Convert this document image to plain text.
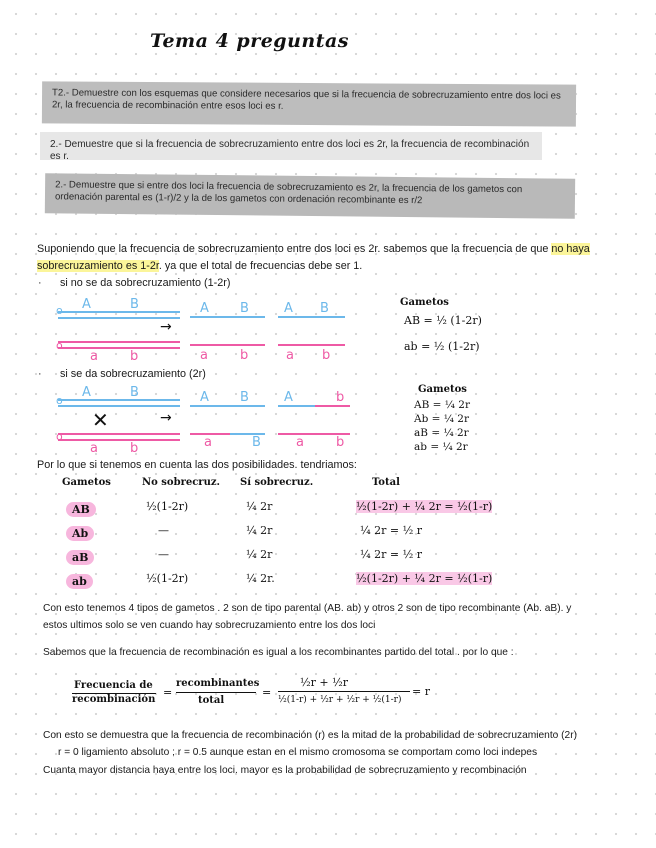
Tema 4 preguntas
T2.- Demuestre con los esquemas que considere necesarios que si la frecuencia de sobrecruzamiento entre dos loci es 2r, la frecuencia de recombinación entre esos loci es r.
2.- Demuestre que si la frecuencia de sobrecruzamiento entre dos loci es 2r, la frecuencia de recombinación es r.
2.- Demuestre que si entre dos loci la frecuencia de sobrecruzamiento es 2r, la frecuencia de los gametos con ordenación parental es (1-r)/2 y la de los gametos con ordenación recombinante es r/2
Suponiendo que la frecuencia de sobrecruzamiento entre dos loci es 2r. sabemos que la frecuencia de que no haya
sobrecruzamiento es 1-2r. ya que el total de frecuencias debe ser 1.
· si no se da sobrecruzamiento (1-2r)
o A	B
o
a b
→
A B	A B
a b	a b
Gametos
AB = ½ (1-2r)
ab = ½ (1-2r)
· si se da sobrecruzamiento (2r)
o
A	B
✕
o
a b
→
A B	A	b
a	B	a b
Gametos
AB = ¼ 2r
Ab = ¼ 2r
aB = ¼ 2r
ab = ¼ 2r
Por lo que si tenemos en cuenta las dos posibilidades. tendriamos:
Gametos	No sobrecruz. Sí sobrecruz.	Total
AB	½(1-2r)	¼ 2r	½(1-2r) + ¼ 2r = ½(1-r)
Ab	—	¼ 2r	¼ 2r = ½ r
aB	—	¼ 2r	¼ 2r = ½ r
ab	½(1-2r)	¼ 2r.	½(1-2r) + ¼ 2r = ½(1-r)
Con esto tenemos 4 tipos de gametos . 2 son de tipo parental (AB. ab) y otros 2 son de tipo recombinante (Ab. aB). y
estos ultimos solo se ven cuando hay sobrecruzamiento entre los dos loci
Sabemos que la frecuencia de recombinación es igual a los recombinantes partido del total . por lo que :
Frecuencia de
recombinación
=
recombinantes
total
=
½r + ½r
½(1-r) + ½r + ½r + ½(1-r)
= r
Con esto se demuestra que la frecuencia de recombinación (r) es la mitad de la probabilidad de sobrecruzamiento (2r)
r = 0 ligamiento absoluto ; r = 0.5 aunque estan en el mismo cromosoma se comportam como loci indepes
Cuanta mayor distancia haya entre los loci. mayor es la probabilidad de sobrecruzamiento y recombinación
